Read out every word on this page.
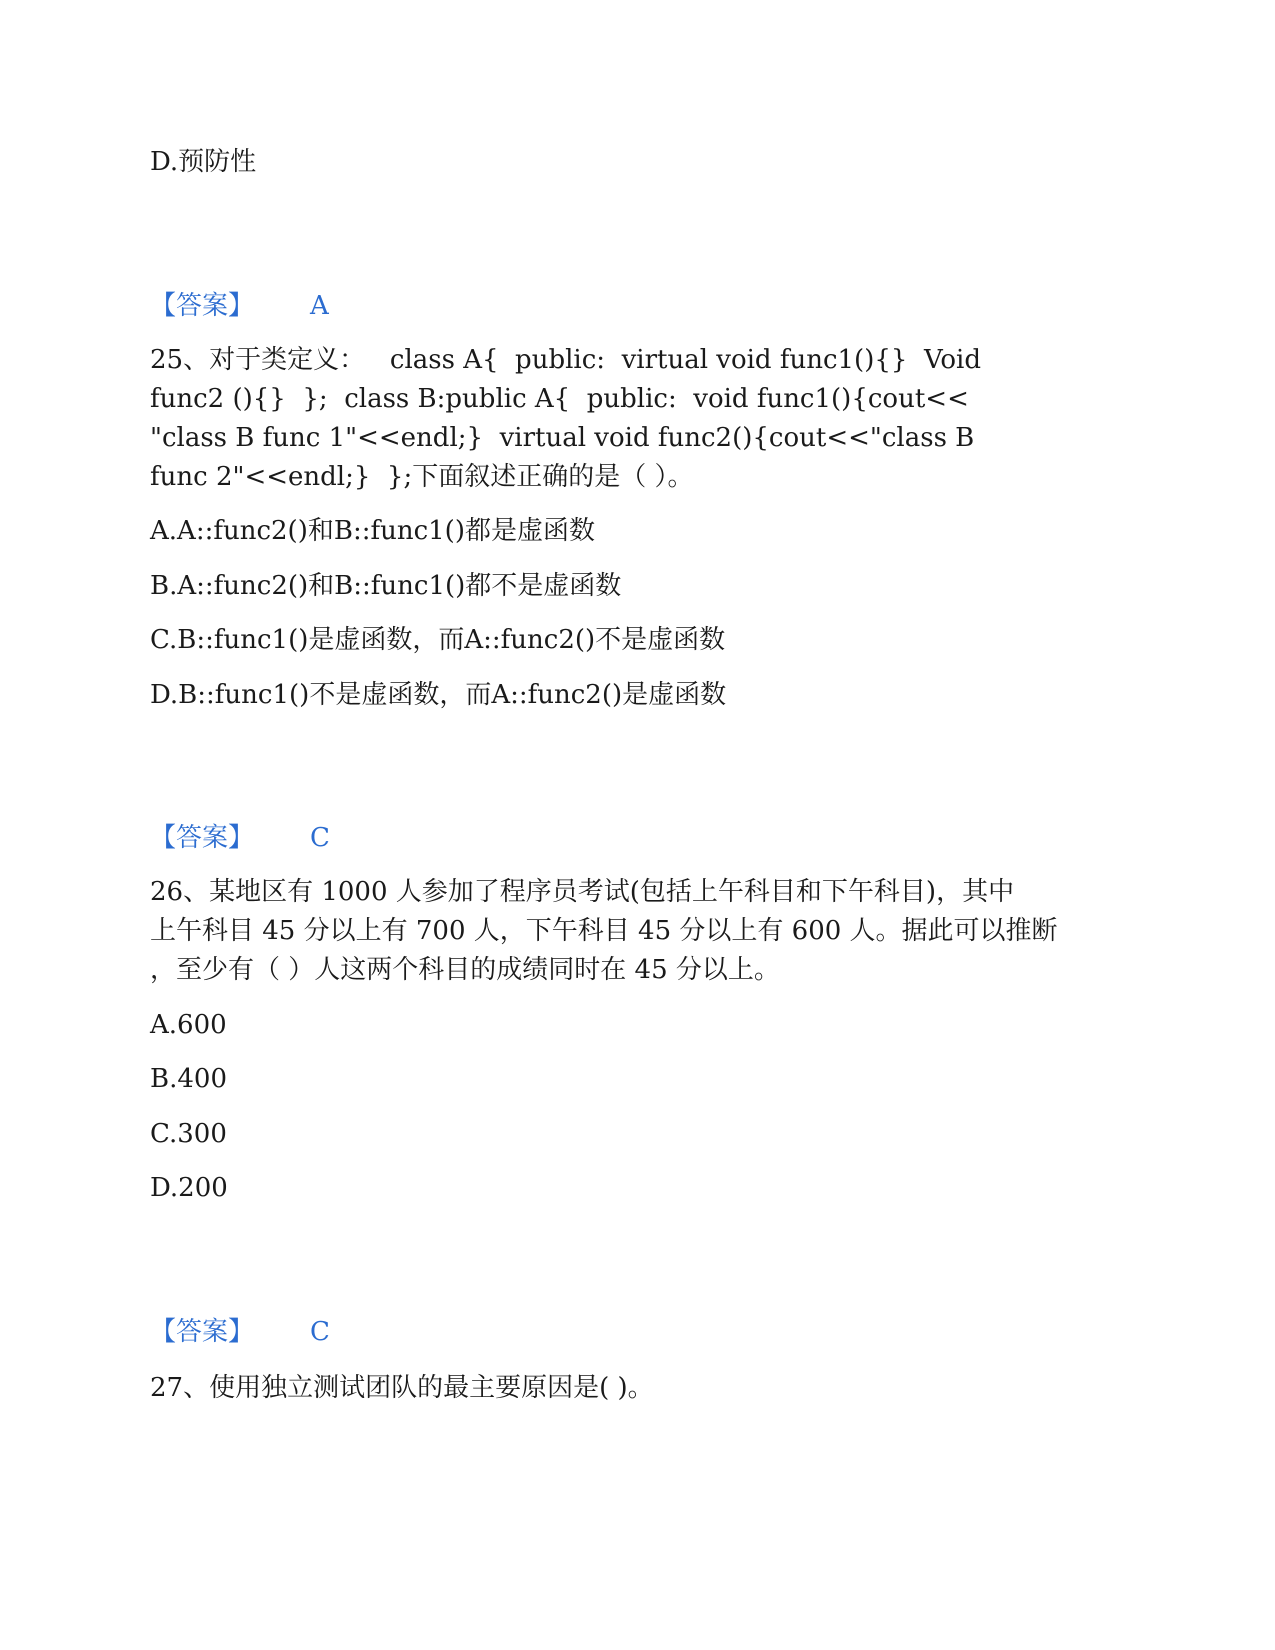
D.预防性
【答案】 A
25、对于类定义：   class A{  public:  virtual void func1(){}  Void
func2 (){}  };  class B:public A{  public:  void func1(){cout<<
"class B func 1"<<endl;}  virtual void func2(){cout<<"class B
func 2"<<endl;}  };下面叙述正确的是（ ）。
A.A::func2()和B::func1()都是虚函数
B.A::func2()和B::func1()都不是虚函数
C.B::func1()是虚函数，而A::func2()不是虚函数
D.B::func1()不是虚函数，而A::func2()是虚函数
【答案】 C
26、某地区有 1000 人参加了程序员考试(包括上午科目和下午科目)，其中
上午科目 45 分以上有 700 人，下午科目 45 分以上有 600 人。据此可以推断
，至少有（ ）人这两个科目的成绩同时在 45 分以上。
A.600
B.400
C.300
D.200
【答案】 C
27、使用独立测试团队的最主要原因是( )。
